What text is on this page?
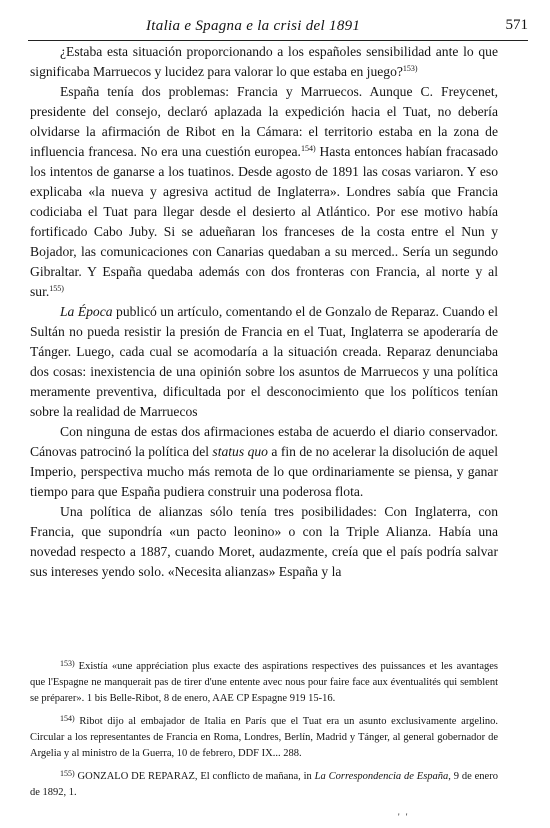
Italia e Spagna e la crisi del 1891	571

¿Estaba esta situación proporcionando a los españoles sensibilidad ante lo que significaba Marruecos y lucidez para valorar lo que estaba en juego?$^{153)}$

España tenía dos problemas: Francia y Marruecos. Aunque C. Freycenet, presidente del consejo, declaró aplazada la expedición hacia el Tuat, no debería olvidarse la afirmación de Ribot en la Cámara: el territorio estaba en la zona de influencia francesa. No era una cuestión europea.$^{154)}$ Hasta entonces habían fracasado los intentos de ganarse a los tuatinos. Desde agosto de 1891 las cosas variaron. Y eso explicaba «la nueva y agresiva actitud de Inglaterra». Londres sabía que Francia codiciaba el Tuat para llegar desde el desierto al Atlántico. Por ese motivo había fortificado Cabo Juby. Si se adueñaran los franceses de la costa entre el Nun y Bojador, las comunicaciones con Canarias quedaban a su merced.. Sería un segundo Gibraltar. Y España quedaba además con dos fronteras con Francia, al norte y al sur.$^{155)}$

La Época publicó un artículo, comentando el de Gonzalo de Reparaz. Cuando el Sultán no pueda resistir la presión de Francia en el Tuat, Inglaterra se apoderaría de Tánger. Luego, cada cual se acomodaría a la situación creada. Reparaz denunciaba dos cosas: inexistencia de una opinión sobre los asuntos de Marruecos y una política meramente preventiva, dificultada por el desconocimiento que los políticos tenían sobre la realidad de Marruecos

Con ninguna de estas dos afirmaciones estaba de acuerdo el diario conservador. Cánovas patrocinó la política del status quo a fin de no acelerar la disolución de aquel Imperio, perspectiva mucho más remota de lo que ordinariamente se piensa, y ganar tiempo para que España pudiera construir una poderosa flota.

Una política de alianzas sólo tenía tres posibilidades: Con Inglaterra, con Francia, que supondría «un pacto leonino» o con la Triple Alianza. Había una novedad respecto a 1887, cuando Moret, audazmente, creía que el país podría salvar sus intereses yendo solo. «Necesita alianzas» España y la

$^{153)}$ Existía «une appréciation plus exacte des aspirations respectives des puissances et les avantages que l'Espagne ne manquerait pas de tirer d'une entente avec nous pour faire face aux éventualités qui semblent se préparer». 1 bis Belle-Ribot, 8 de enero, AAE CP Espagne 919 15-16.

$^{154)}$ Ribot dijo al embajador de Italia en París que el Tuat era un asunto exclusivamente argelino. Circular a los representantes de Francia en Roma, Londres, Berlín, Madrid y Tánger, al general gobernador de Argelia y al ministro de la Guerra, 10 de febrero, DDF IX... 288.

$^{155)}$ GONZALO DE REPARAZ, El conflicto de mañana, in La Correspondencia de España, 9 de enero de 1892, 1.

' '
